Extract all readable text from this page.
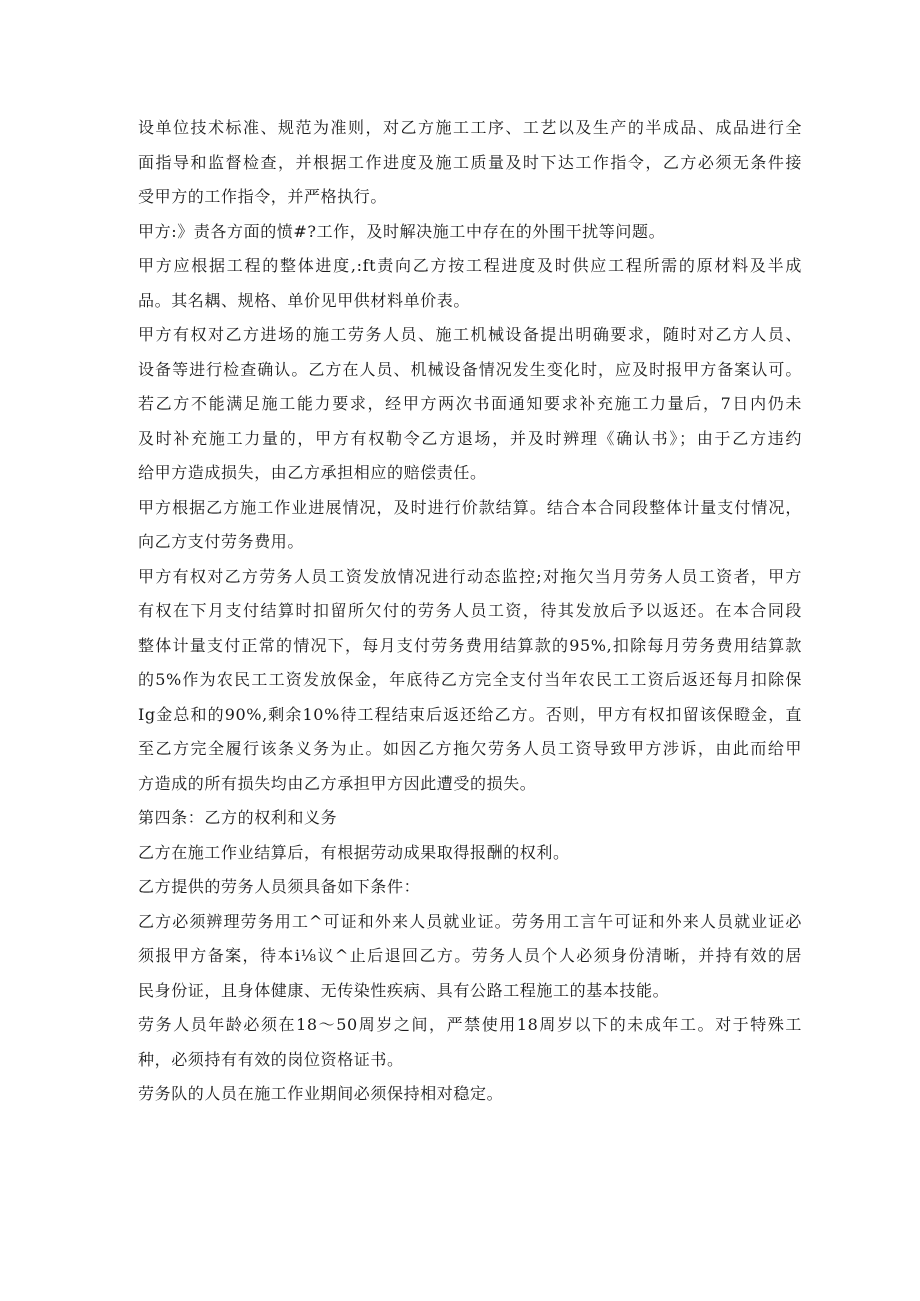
设单位技术标准、规范为准则，对乙方施工工序、工艺以及生产的半成品、成品进行全
面指导和监督检查，并根据工作进度及施工质量及时下达工作指令，乙方必须无条件接
受甲方的工作指令，并严格执行。
甲方:》责各方面的愤#?工作，及时解决施工中存在的外围干扰等问题。
甲方应根据工程的整体进度,:ft责向乙方按工程进度及时供应工程所需的原材料及半成
品。其名耦、规格、单价见甲供材料单价表。
甲方有权对乙方进场的施工劳务人员、施工机械设备提出明确要求，随时对乙方人员、
设备等进行检查确认。乙方在人员、机械设备情况发生变化时，应及时报甲方备案认可。
若乙方不能满足施工能力要求，经甲方两次书面通知要求补充施工力量后，7日内仍未
及时补充施工力量的，甲方有权勒令乙方退场，并及时辨理《确认书》；由于乙方违约
给甲方造成损失，由乙方承担相应的赔偿责任。
甲方根据乙方施工作业进展情况，及时进行价款结算。结合本合同段整体计量支付情况，
向乙方支付劳务费用。
甲方有权对乙方劳务人员工资发放情况进行动态监控;对拖欠当月劳务人员工资者，甲方
有权在下月支付结算时扣留所欠付的劳务人员工资，待其发放后予以返还。在本合同段
整体计量支付正常的情况下，每月支付劳务费用结算款的95%,扣除每月劳务费用结算款
的5%作为农民工工资发放保金，年底待乙方完全支付当年农民工工资后返还每月扣除保
Ig金总和的90%,剩余10%待工程结束后返还给乙方。否则，甲方有权扣留该保瞪金，直
至乙方完全履行该条义务为止。如因乙方拖欠劳务人员工资导致甲方涉诉，由此而给甲
方造成的所有损失均由乙方承担甲方因此遭受的损失。
第四条：乙方的权利和义务
乙方在施工作业结算后，有根据劳动成果取得报酬的权利。
乙方提供的劳务人员须具备如下条件：
乙方必须辨理劳务用工^可证和外来人员就业证。劳务用工言午可证和外来人员就业证必
须报甲方备案，待本i⅛议^止后退回乙方。劳务人员个人必须身份清晰，并持有效的居
民身份证，且身体健康、无传染性疾病、具有公路工程施工的基本技能。
劳务人员年龄必须在18〜50周岁之间，严禁使用18周岁以下的未成年工。对于特殊工
种，必须持有有效的岗位资格证书。
劳务队的人员在施工作业期间必须保持相对稳定。
